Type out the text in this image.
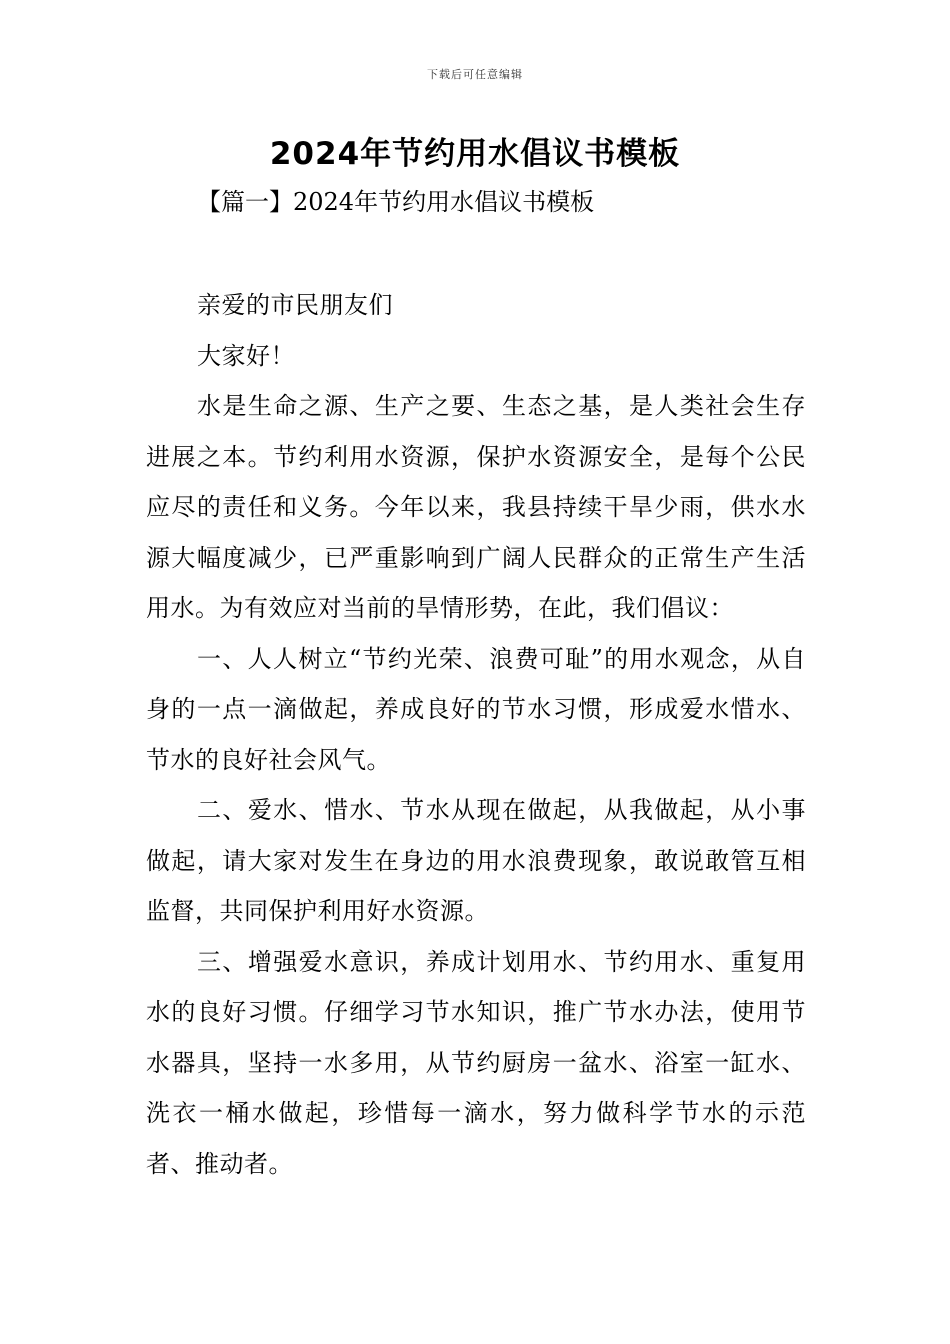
下载后可任意编辑
2024年节约用水倡议书模板
【篇一】2024年节约用水倡议书模板

亲爱的市民朋友们

大家好！

水是生命之源、生产之要、生态之基，是人类社会生存进展之本。节约利用水资源，保护水资源安全，是每个公民应尽的责任和义务。今年以来，我县持续干旱少雨，供水水源大幅度减少，已严重影响到广阔人民群众的正常生产生活用水。为有效应对当前的旱情形势，在此，我们倡议：

一、人人树立“节约光荣、浪费可耻”的用水观念，从自身的一点一滴做起，养成良好的节水习惯，形成爱水惜水、节水的良好社会风气。

二、爱水、惜水、节水从现在做起，从我做起，从小事做起，请大家对发生在身边的用水浪费现象，敢说敢管互相监督，共同保护利用好水资源。

三、增强爱水意识，养成计划用水、节约用水、重复用水的良好习惯。仔细学习节水知识，推广节水办法，使用节水器具，坚持一水多用，从节约厨房一盆水、浴室一缸水、洗衣一桶水做起，珍惜每一滴水，努力做科学节水的示范者、推动者。
